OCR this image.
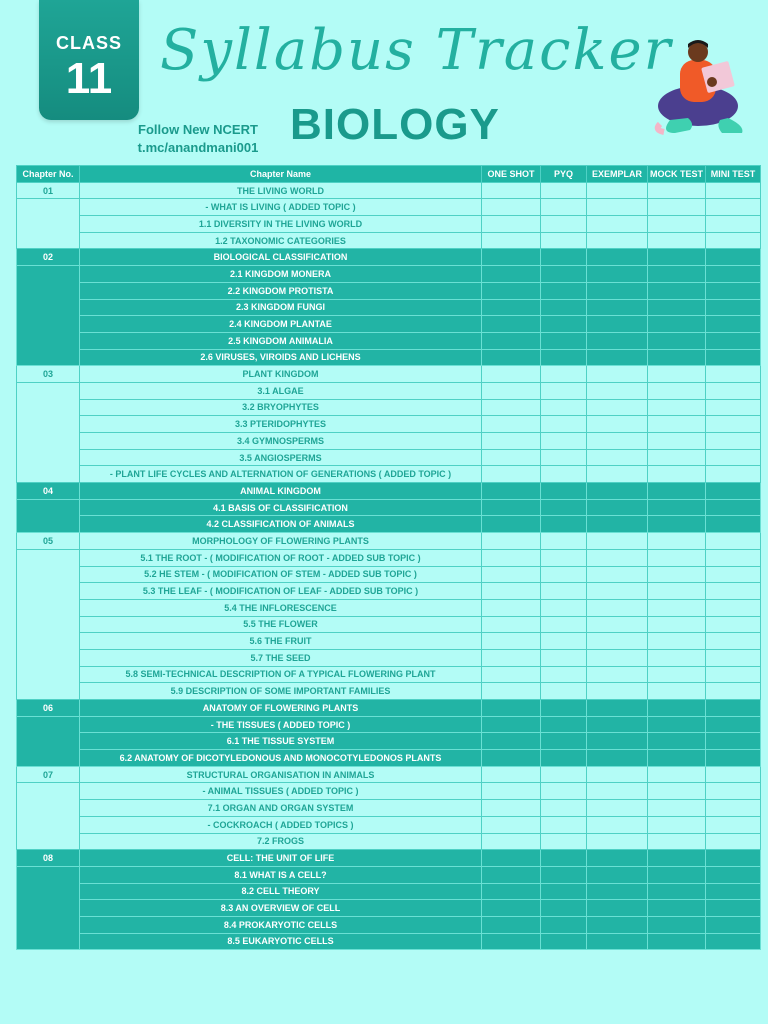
CLASS
11 Syllabus Tracker
BIOLOGY
Follow New NCERT
t.mc/anandmani001
Chapter No.	Chapter Name	ONE SHOT	PYQ	EXEMPLAR	MOCK TEST	MINI TEST
01	THE LIVING WORLD					
	- WHAT IS LIVING ( ADDED TOPIC )					
	1.1 DIVERSITY IN THE LIVING WORLD					
	1.2 TAXONOMIC CATEGORIES					
02	BIOLOGICAL CLASSIFICATION					
	2.1 KINGDOM MONERA					
	2.2 KINGDOM PROTISTA					
	2.3 KINGDOM FUNGI					
	2.4 KINGDOM PLANTAE					
	2.5 KINGDOM ANIMALIA					
	2.6 VIRUSES, VIROIDS AND LICHENS					
03	PLANT KINGDOM					
	3.1 ALGAE					
	3.2 BRYOPHYTES					
	3.3 PTERIDOPHYTES					
	3.4 GYMNOSPERMS					
	3.5 ANGIOSPERMS					
	- PLANT LIFE CYCLES AND ALTERNATION OF GENERATIONS ( ADDED TOPIC )					
04	ANIMAL KINGDOM					
	4.1 BASIS OF CLASSIFICATION					
	4.2 CLASSIFICATION OF ANIMALS					
05	MORPHOLOGY OF FLOWERING PLANTS					
	5.1 THE ROOT - ( MODIFICATION OF ROOT - ADDED SUB TOPIC )					
	5.2 HE STEM - ( MODIFICATION OF STEM - ADDED SUB TOPIC )					
	5.3 THE LEAF - ( MODIFICATION OF LEAF - ADDED SUB TOPIC )					
	5.4 THE INFLORESCENCE					
	5.5 THE FLOWER					
	5.6 THE FRUIT					
	5.7 THE SEED					
	5.8 SEMI-TECHNICAL DESCRIPTION OF A TYPICAL FLOWERING PLANT					
	5.9 DESCRIPTION OF SOME IMPORTANT FAMILIES					
06	ANATOMY OF FLOWERING PLANTS					
	- THE TISSUES ( ADDED TOPIC )					
	6.1 THE TISSUE SYSTEM					
	6.2 ANATOMY OF DICOTYLEDONOUS AND MONOCOTYLEDONOS PLANTS					
07	STRUCTURAL ORGANISATION IN ANIMALS					
	- ANIMAL TISSUES ( ADDED TOPIC )					
	7.1 ORGAN AND ORGAN SYSTEM					
	- COCKROACH ( ADDED TOPICS )					
	7.2 FROGS					
08	CELL: THE UNIT OF LIFE					
	8.1 WHAT IS A CELL?					
	8.2 CELL THEORY					
	8.3 AN OVERVIEW OF CELL					
	8.4 PROKARYOTIC CELLS					
	8.5 EUKARYOTIC CELLS					
